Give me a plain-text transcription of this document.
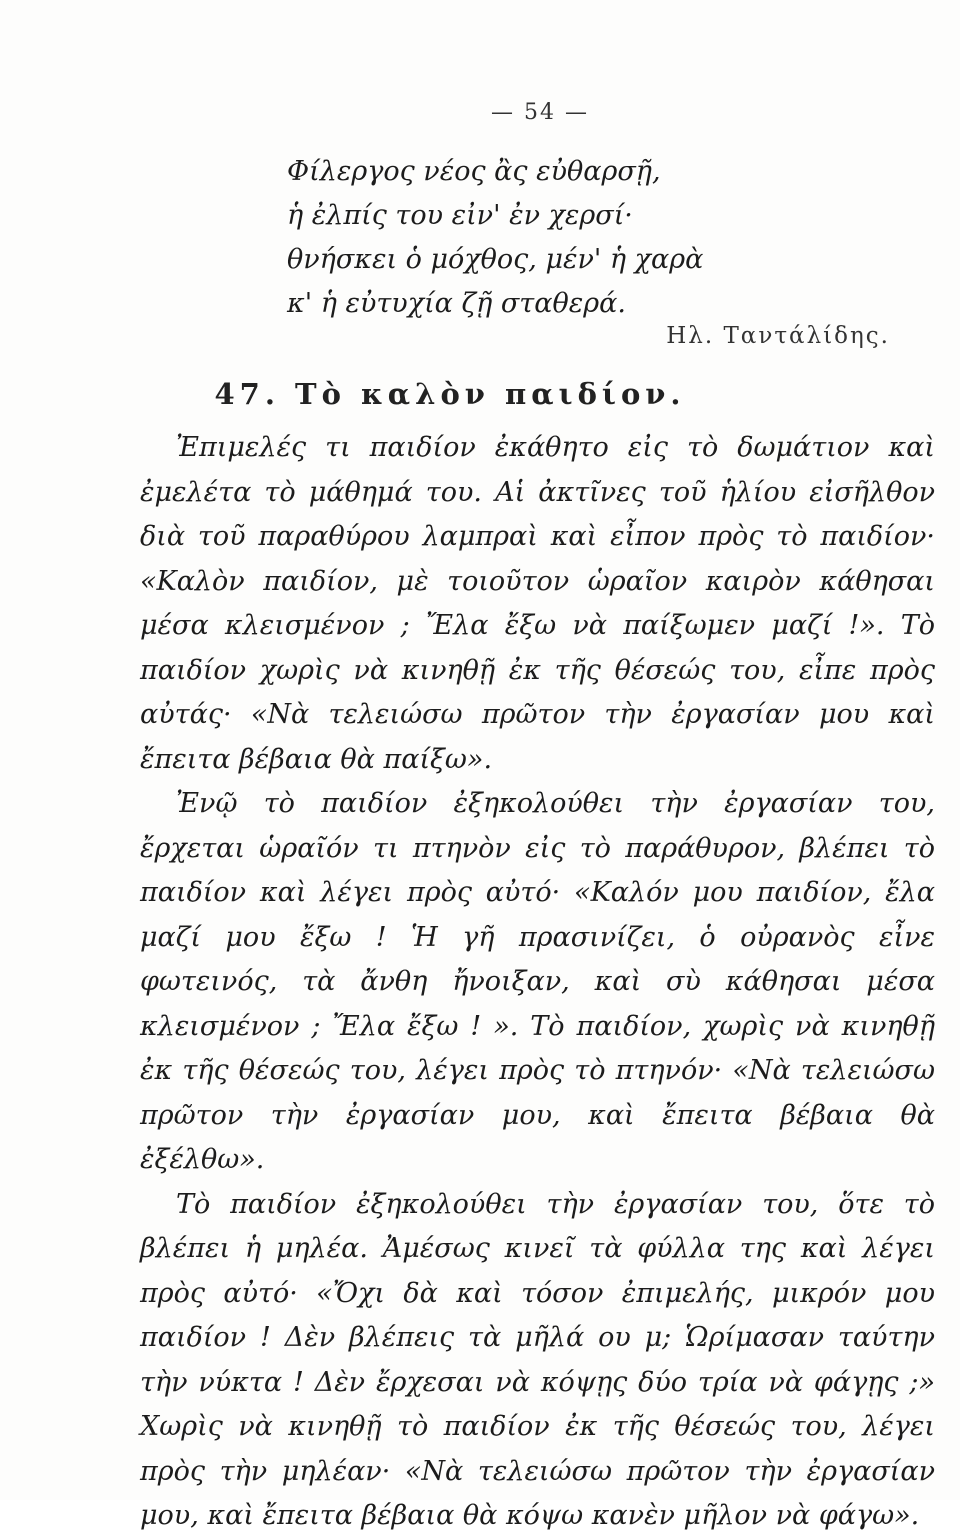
— 54 —
Φίλεργος νέος ἂς εὐθαρσῇ,
ἡ ἐλπίς του εἰν' ἐν χερσί·
θνήσκει ὁ μόχθος, μέν' ἡ χαρὰ
κ' ἡ εὐτυχία ζῇ σταθερά.
Ηλ. Ταντάλίδης.
47. Τὸ καλὸν παιδίον.

Ἐπιμελές τι παιδίον ἐκάθητο εἰς τὸ δωμάτιον καὶ ἐμελέτα τὸ μάθημά του. Αἱ ἀκτῖνες τοῦ ἡλίου εἰσῆλθον διὰ τοῦ παραθύρου λαμπραὶ καὶ εἶπον πρὸς τὸ παιδίον· «Καλὸν παιδίον, μὲ τοιοῦτον ὡραῖον καιρὸν κάθησαι μέσα κλεισμένον ; Ἔλα ἔξω νὰ παίξωμεν μαζί !». Τὸ παιδίον χωρὶς νὰ κινηθῇ ἐκ τῆς θέσεώς του, εἶπε πρὸς αὐτάς· «Νὰ τελειώσω πρῶτον τὴν ἐργασίαν μου καὶ ἔπειτα βέβαια θὰ παίξω».

Ἐνῷ τὸ παιδίον ἐξηκολούθει τὴν ἐργασίαν του, ἔρχεται ὡραῖόν τι πτηνὸν εἰς τὸ παράθυρον, βλέπει τὸ παιδίον καὶ λέγει πρὸς αὐτό· «Καλόν μου παιδίον, ἔλα μαζί μου ἔξω ! Ἡ γῆ πρασινίζει, ὁ οὐρανὸς εἶνε φωτεινός, τὰ ἄνθη ἤνοιξαν, καὶ σὺ κάθησαι μέσα κλεισμένον ; Ἔλα ἔξω ! ». Τὸ παιδίον, χωρὶς νὰ κινηθῇ ἐκ τῆς θέσεώς του, λέγει πρὸς τὸ πτηνόν· «Νὰ τελειώσω πρῶτον τὴν ἐργασίαν μου, καὶ ἔπειτα βέβαια θὰ ἐξέλθω».

Τὸ παιδίον ἐξηκολούθει τὴν ἐργασίαν του, ὅτε τὸ βλέπει ἡ μηλέα. Ἀμέσως κινεῖ τὰ φύλλα της καὶ λέγει πρὸς αὐτό· «Ὄχι δὰ καὶ τόσον ἐπιμελής, μικρόν μου παιδίον ! Δὲν βλέπεις τὰ μῆλά ου μ; Ὡρίμασαν ταύτην τὴν νύκτα ! Δὲν ἔρχεσαι νὰ κόψῃς δύο τρία νὰ φάγῃς ;» Χωρὶς νὰ κινηθῇ τὸ παιδίον ἐκ τῆς θέσεώς του, λέγει πρὸς τὴν μηλέαν· «Νὰ τελειώσω πρῶτον τὴν ἐργασίαν μου, καὶ ἔπειτα βέβαια θὰ κόψω κανὲν μῆλον νὰ φάγω».
